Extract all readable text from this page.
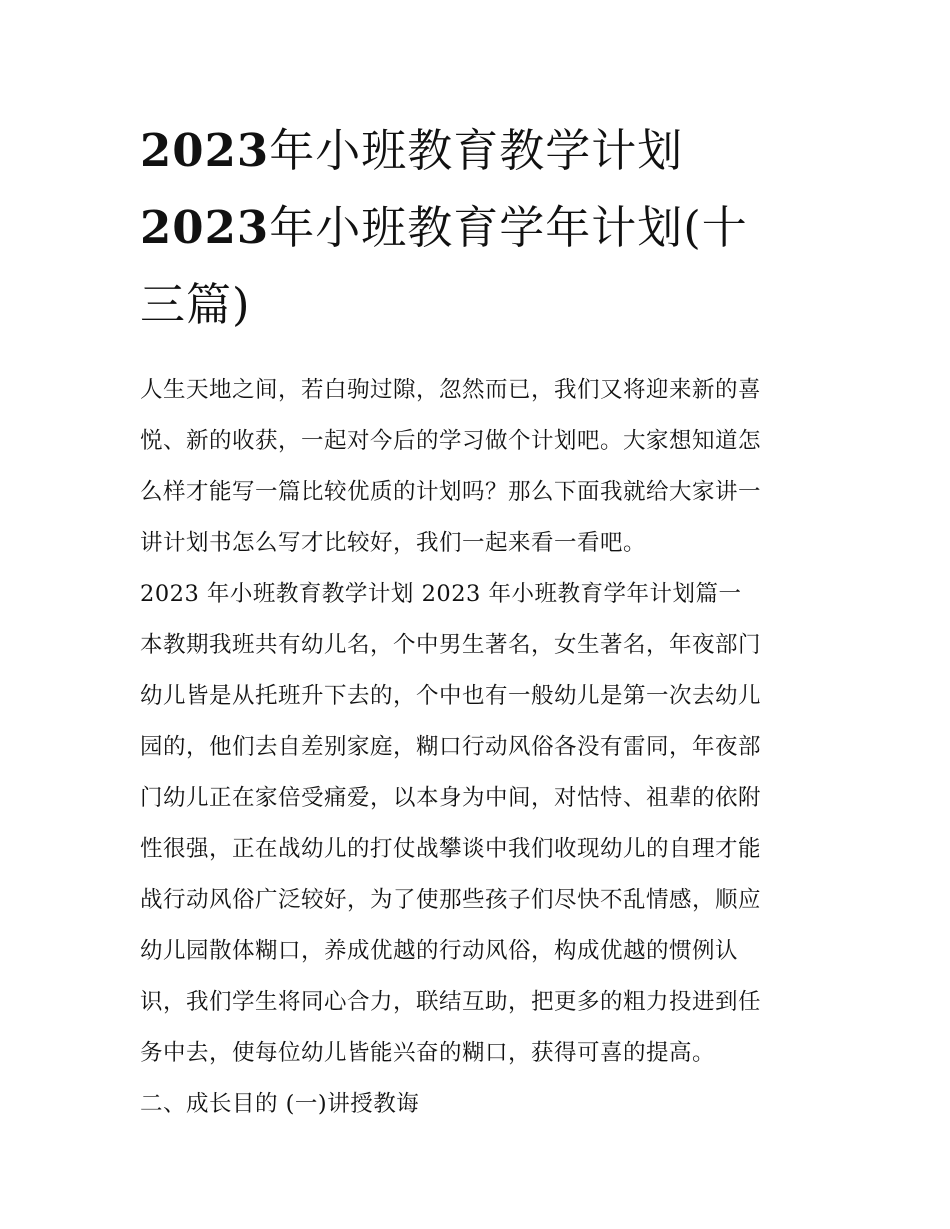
2023年小班教育教学计划
2023年小班教育学年计划(十
三篇)

人生天地之间，若白驹过隙，忽然而已，我们又将迎来新的喜

悦、新的收获，一起对今后的学习做个计划吧。大家想知道怎

么样才能写一篇比较优质的计划吗？那么下面我就给大家讲一

讲计划书怎么写才比较好，我们一起来看一看吧。

2023 年小班教育教学计划 2023 年小班教育学年计划篇一

本教期我班共有幼儿名，个中男生著名，女生著名，年夜部门

幼儿皆是从托班升下去的，个中也有一般幼儿是第一次去幼儿

园的，他们去自差别家庭，糊口行动风俗各没有雷同，年夜部

门幼儿正在家倍受痛爱，以本身为中间，对怙恃、祖辈的依附

性很强，正在战幼儿的打仗战攀谈中我们收现幼儿的自理才能

战行动风俗广泛较好，为了使那些孩子们尽快不乱情感，顺应

幼儿园散体糊口，养成优越的行动风俗，构成优越的惯例认

识，我们学生将同心合力，联结互助，把更多的粗力投进到任

务中去，使每位幼儿皆能兴奋的糊口，获得可喜的提高。

二、成长目的 (一)讲授教诲
